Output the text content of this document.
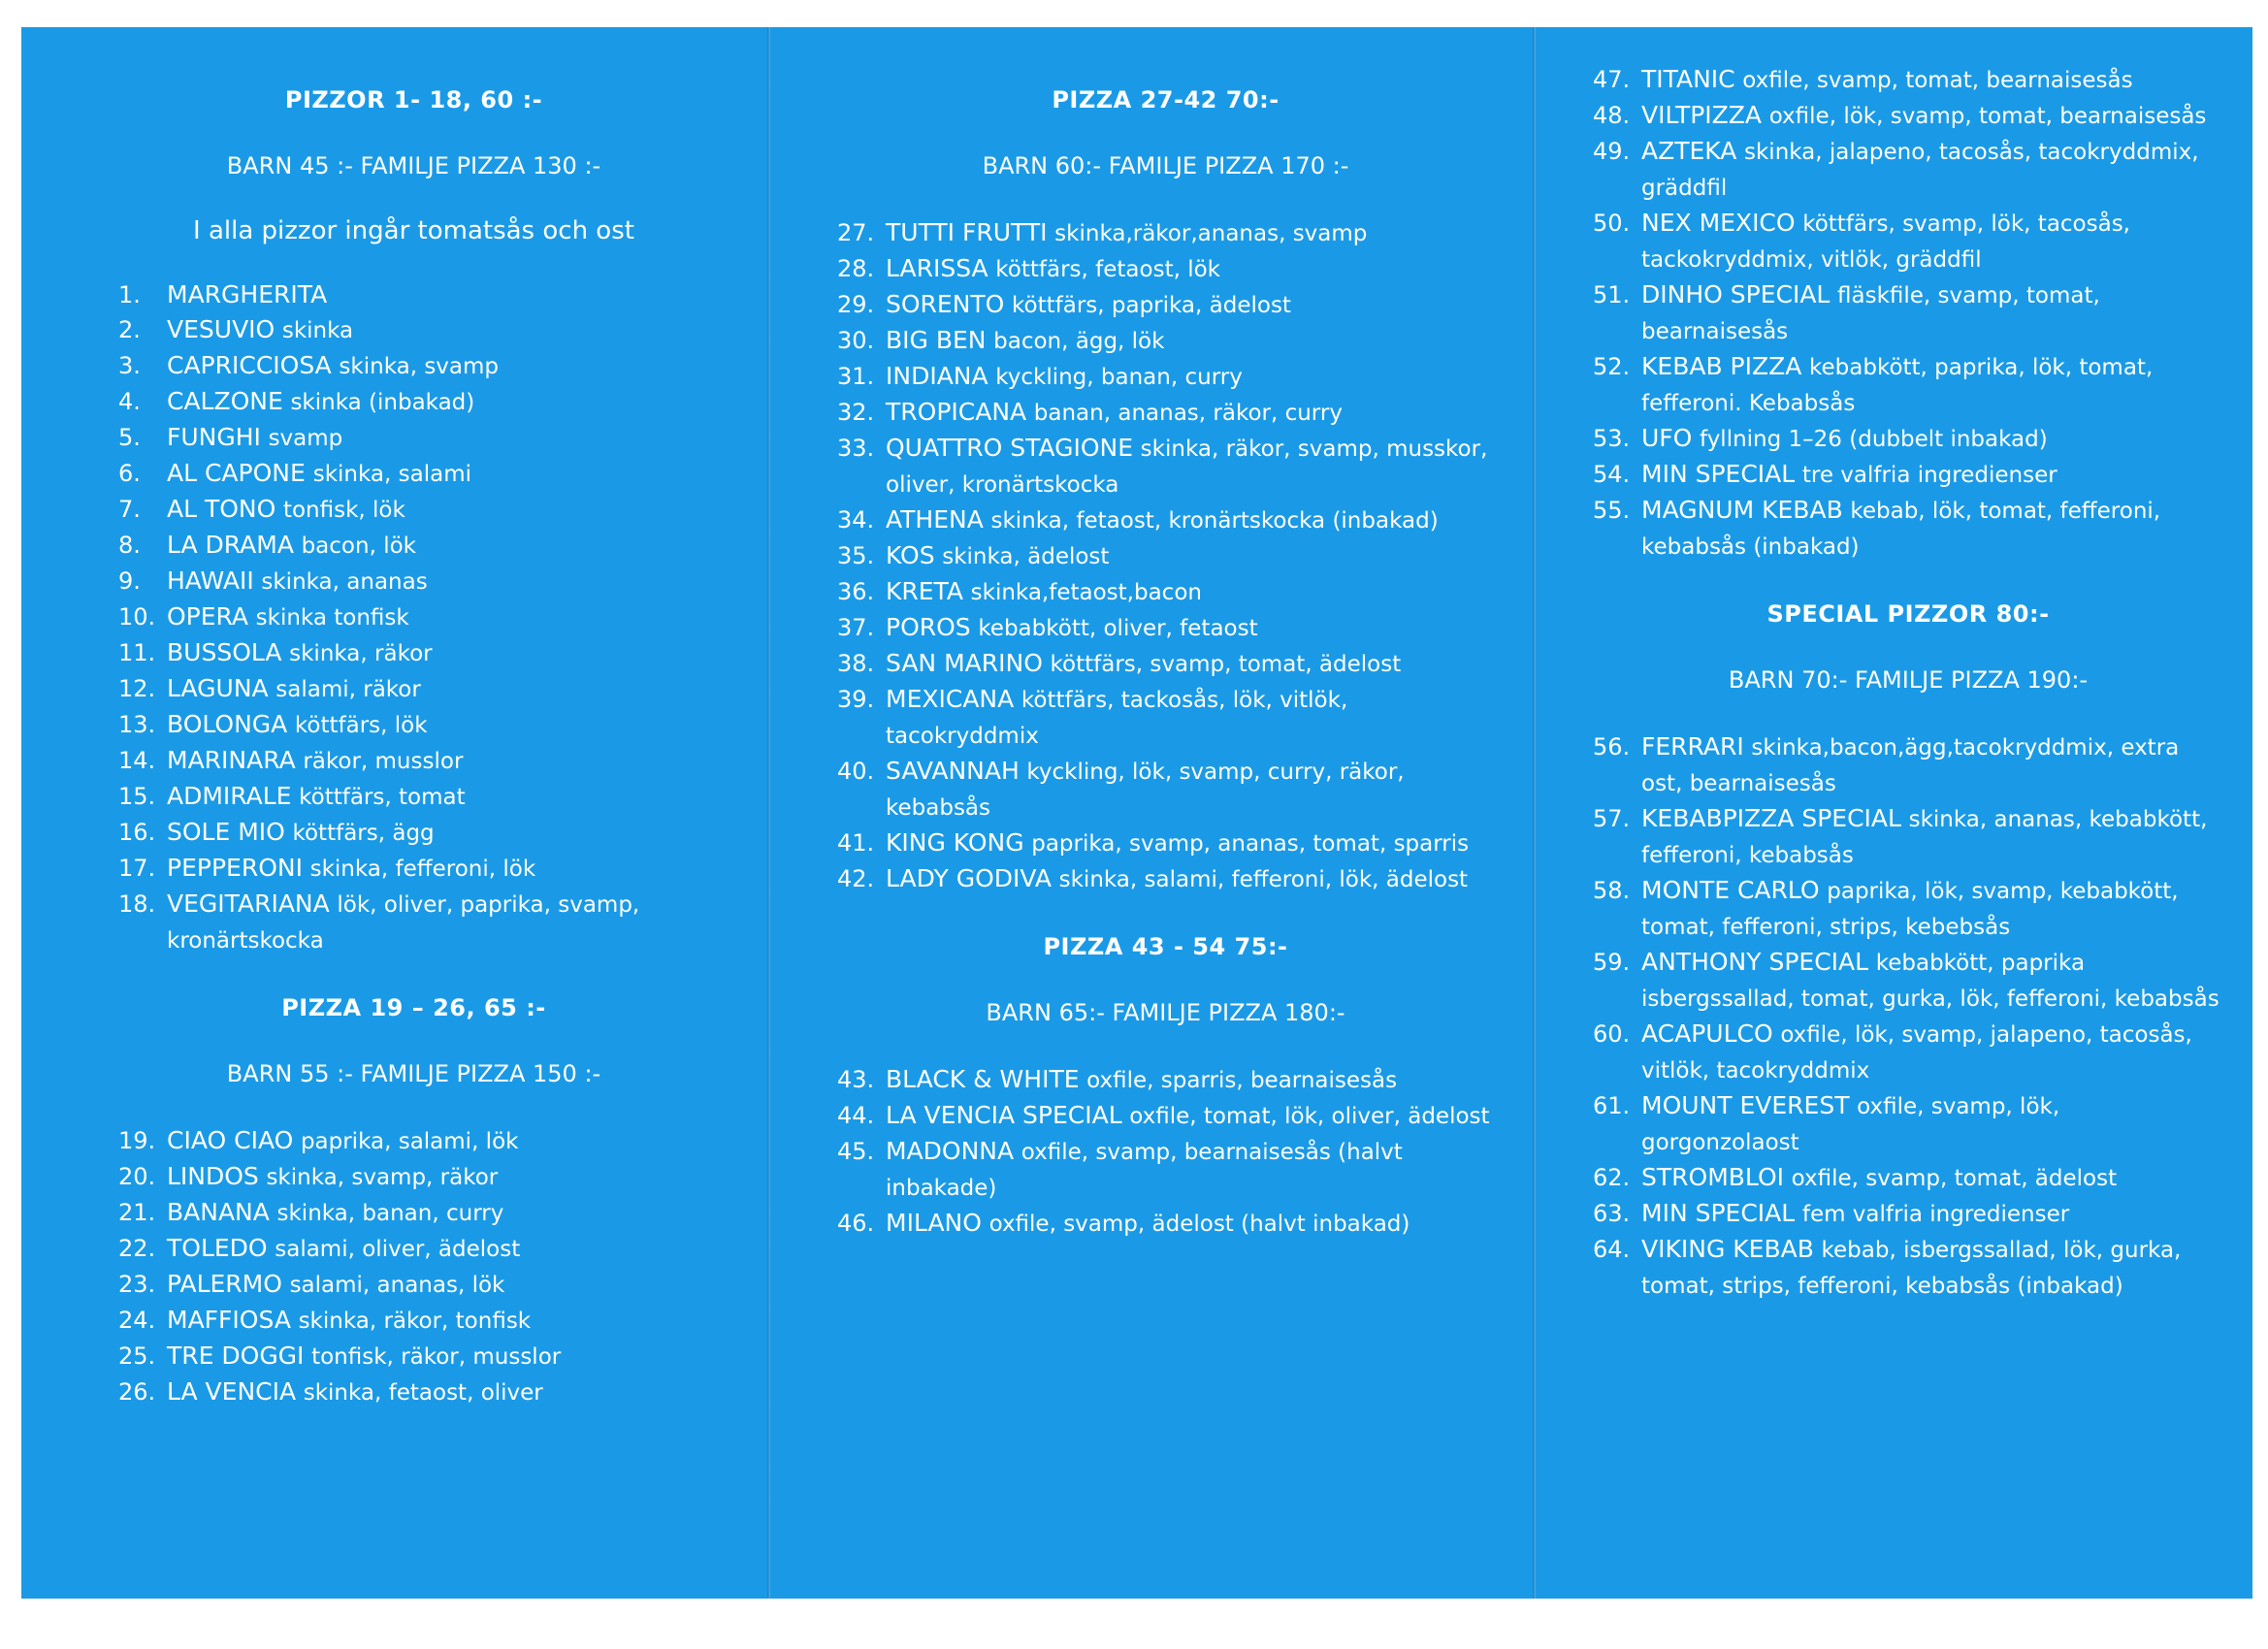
PIZZOR 1- 18, 60 :-
BARN 45 :- FAMILJE PIZZA 130 :-
I alla pizzor ingår tomatsås och ost
1.	MARGHERITA
2.	VESUVIO skinka
3.	CAPRICCIOSA skinka, svamp
4.	CALZONE skinka (inbakad)
5.	FUNGHI svamp
6.	AL CAPONE skinka, salami
7.	AL TONO tonfisk, lök
8.	LA DRAMA bacon, lök
9.	HAWAII skinka, ananas
10. OPERA skinka tonfisk
11. BUSSOLA skinka, räkor
12. LAGUNA salami, räkor
13. BOLONGA köttfärs, lök
14. MARINARA räkor, musslor
15. ADMIRALE köttfärs, tomat
16. SOLE MIO köttfärs, ägg
17. PEPPERONI skinka, fefferoni, lök
18. VEGITARIANA lök, oliver, paprika, svamp, kronärtskocka
PIZZA 19 – 26, 65 :-
BARN 55 :- FAMILJE PIZZA 150 :-
19. CIAO CIAO paprika, salami, lök
20. LINDOS skinka, svamp, räkor
21. BANANA skinka, banan, curry
22. TOLEDO salami, oliver, ädelost
23. PALERMO salami, ananas, lök
24. MAFFIOSA skinka, räkor, tonfisk
25. TRE DOGGI tonfisk, räkor, musslor
26. LA VENCIA skinka, fetaost, oliver
PIZZA 27-42 70:-
BARN 60:- FAMILJE PIZZA 170 :-
27. TUTTI FRUTTI skinka,räkor,ananas, svamp
28. LARISSA köttfärs, fetaost, lök
29. SORENTO köttfärs, paprika, ädelost
30. BIG BEN bacon, ägg, lök
31. INDIANA kyckling, banan, curry
32. TROPICANA banan, ananas, räkor, curry
33. QUATTRO STAGIONE skinka, räkor, svamp, musskor, oliver, kronärtskocka
34. ATHENA skinka, fetaost, kronärtskocka (inbakad)
35. KOS skinka, ädelost
36. KRETA skinka,fetaost,bacon
37. POROS kebabkött, oliver, fetaost
38. SAN MARINO köttfärs, svamp, tomat, ädelost
39. MEXICANA köttfärs, tackosås, lök, vitlök, tacokryddmix
40. SAVANNAH kyckling, lök, svamp, curry, räkor, kebabsås
41. KING KONG paprika, svamp, ananas, tomat, sparris
42. LADY GODIVA skinka, salami, fefferoni, lök, ädelost
PIZZA 43 - 54 75:-
BARN 65:- FAMILJE PIZZA 180:-
43. BLACK & WHITE oxfile, sparris, bearnaisesås
44. LA VENCIA SPECIAL oxfile, tomat, lök, oliver, ädelost
45. MADONNA oxfile, svamp, bearnaisesås (halvt inbakade)
46. MILANO oxfile, svamp, ädelost (halvt inbakad)
47. TITANIC oxfile, svamp, tomat, bearnaisesås
48. VILTPIZZA oxfile, lök, svamp, tomat, bearnaisesås
49. AZTEKA skinka, jalapeno, tacosås, tacokryddmix, gräddfil
50. NEX MEXICO köttfärs, svamp, lök, tacosås, tackokryddmix, vitlök, gräddfil
51. DINHO SPECIAL fläskfile, svamp, tomat, bearnaisesås
52. KEBAB PIZZA kebabkött, paprika, lök, tomat, fefferoni. Kebabsås
53. UFO fyllning 1–26 (dubbelt inbakad)
54. MIN SPECIAL tre valfria ingredienser
55. MAGNUM KEBAB kebab, lök, tomat, fefferoni, kebabsås (inbakad)
SPECIAL PIZZOR 80:-
BARN 70:- FAMILJE PIZZA 190:-
56. FERRARI skinka,bacon,ägg,tacokryddmix, extra ost, bearnaisesås
57. KEBABPIZZA SPECIAL skinka, ananas, kebabkött, fefferoni, kebabsås
58. MONTE CARLO paprika, lök, svamp, kebabkött, tomat, fefferoni, strips, kebebsås
59. ANTHONY SPECIAL kebabkött, paprika isbergssallad, tomat, gurka, lök, fefferoni, kebabsås
60. ACAPULCO oxfile, lök, svamp, jalapeno, tacosås, vitlök, tacokryddmix
61. MOUNT EVEREST oxfile, svamp, lök, gorgonzolaost
62. STROMBLOI oxfile, svamp, tomat, ädelost
63. MIN SPECIAL fem valfria ingredienser
64. VIKING KEBAB kebab, isbergssallad, lök, gurka, tomat, strips, fefferoni, kebabsås (inbakad)
